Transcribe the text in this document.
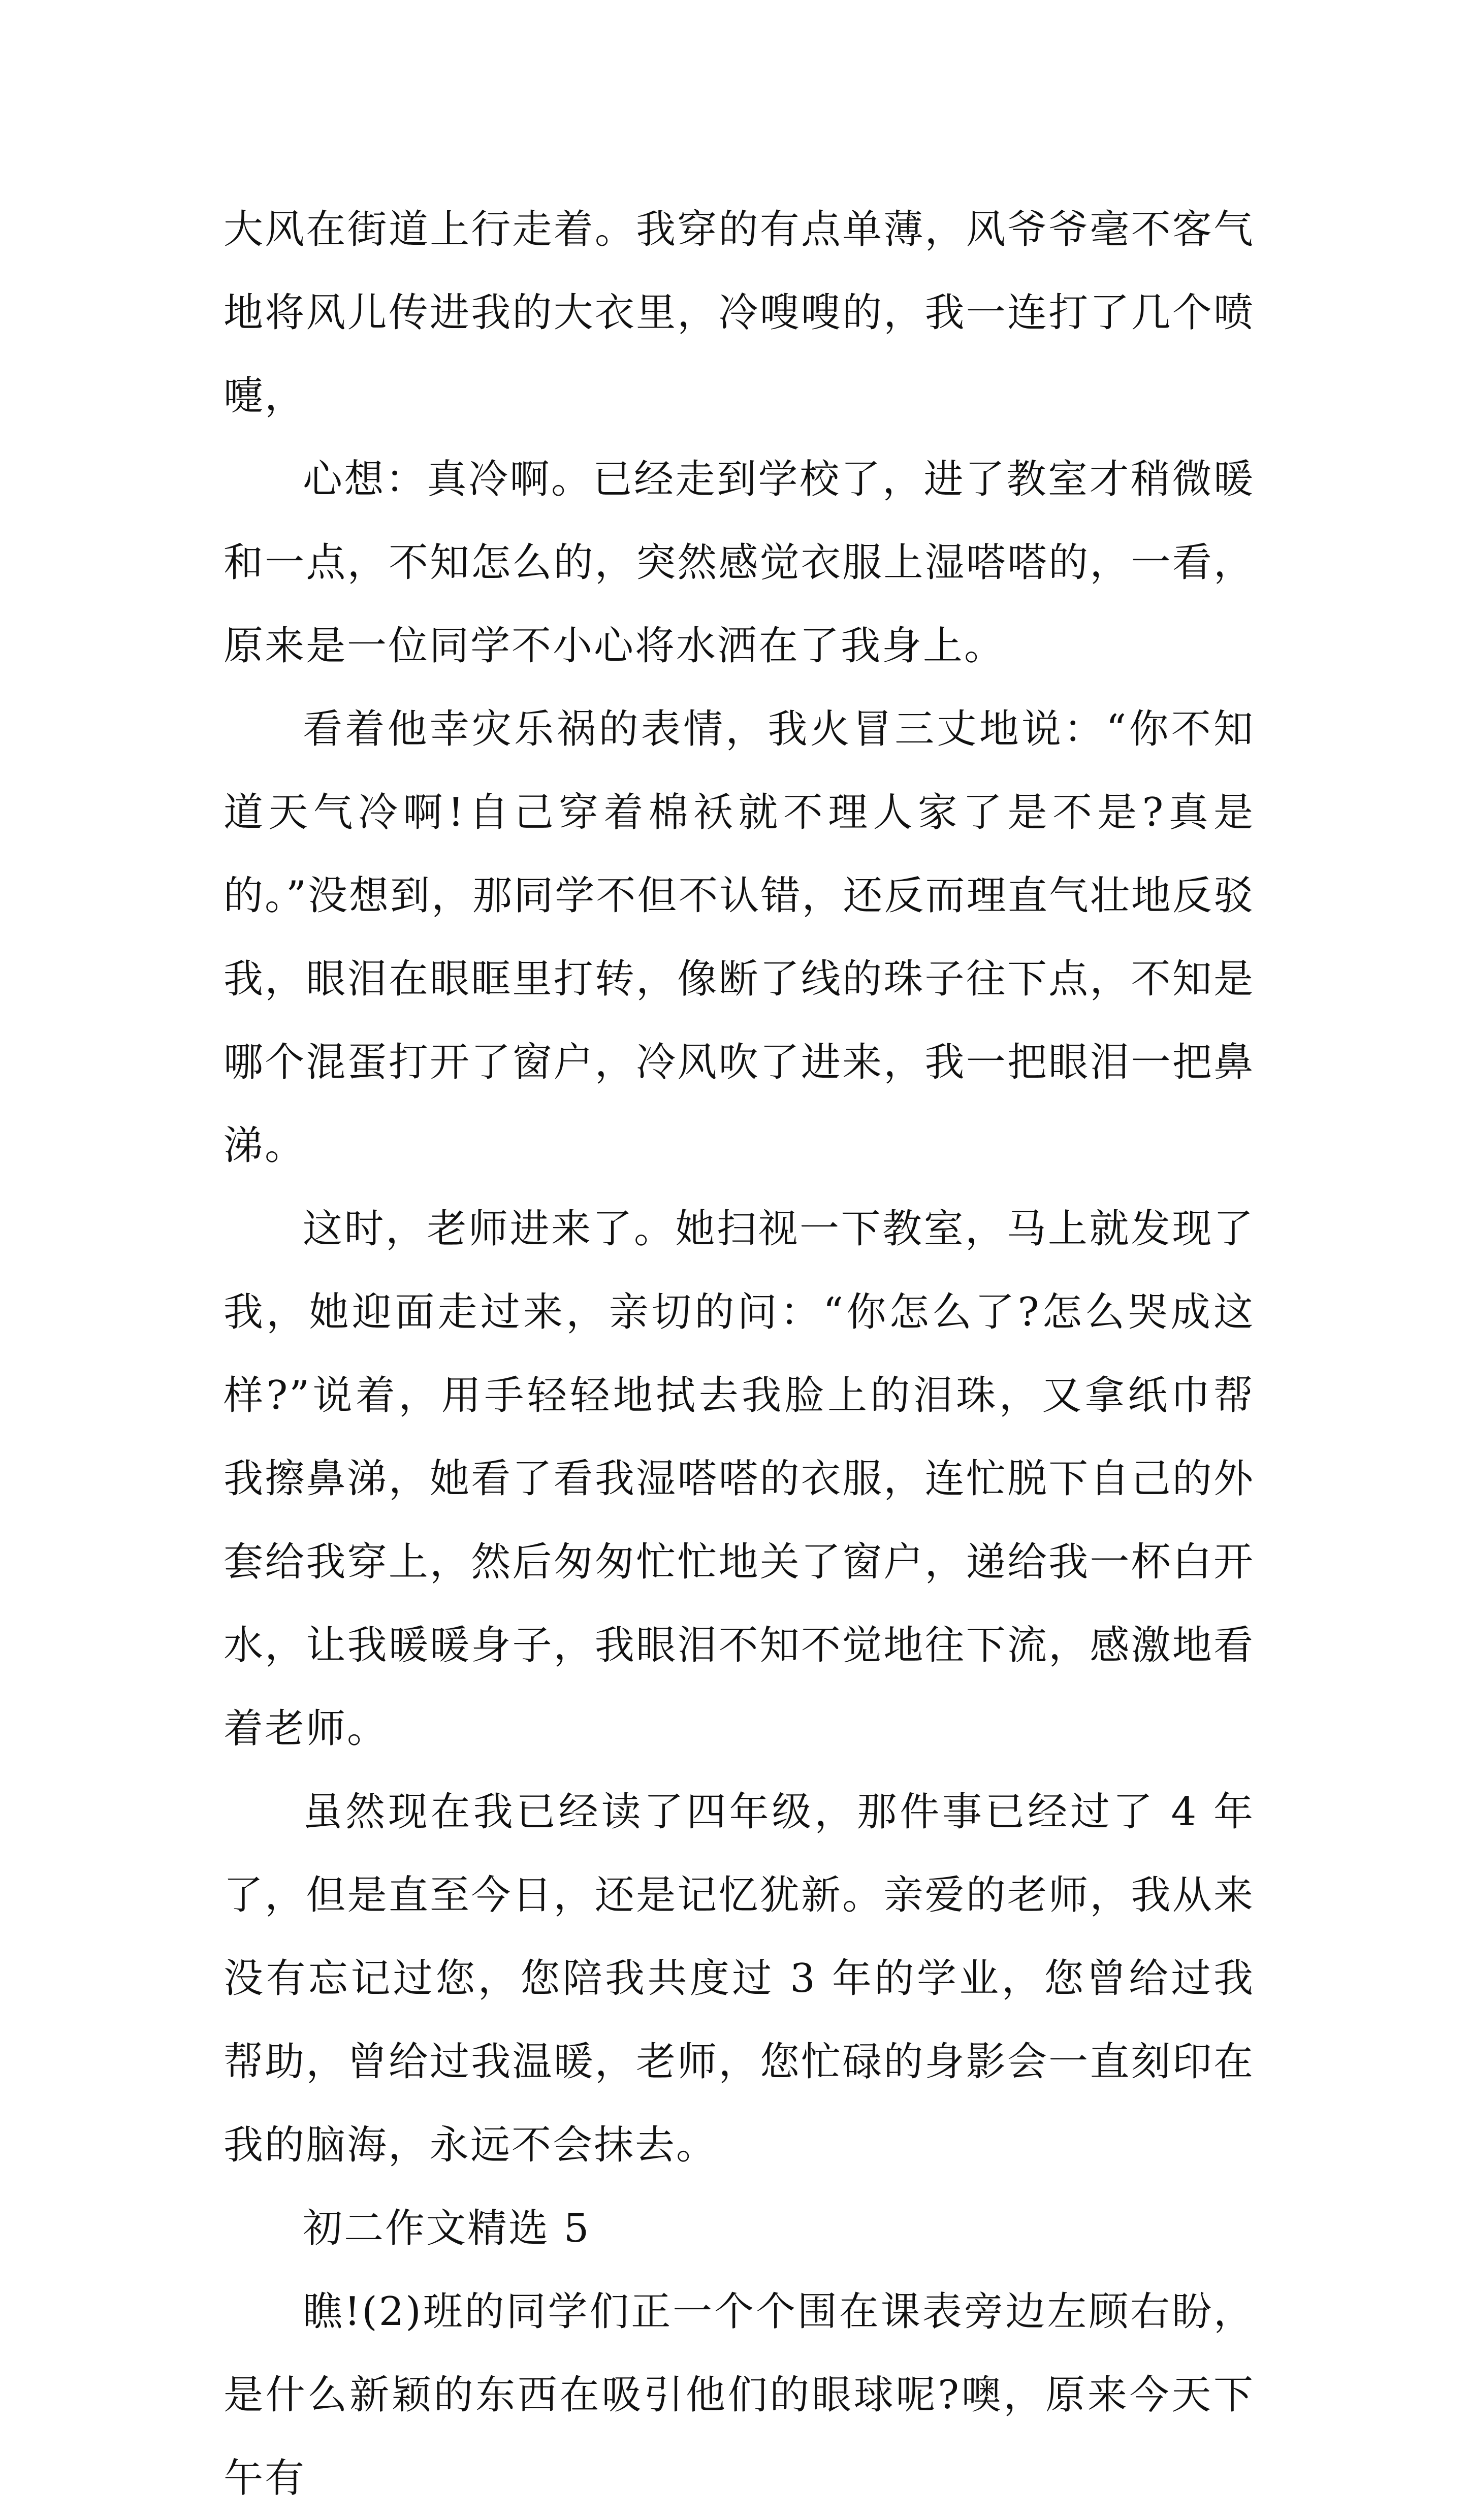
大风在街道上行走着。我穿的有点单薄，风爷爷毫不客气地将风儿传进我的大衣里，冷嗖嗖的，我一连打了几个喷嚏，

心想：真冷啊。已经走到学校了，进了教室才稍微暖和一点，不知怎么的，突然感觉衣服上湿嗒嗒的，一看，原来是一位同学不小心将水洒在了我身上。

看着他幸灾乐祸的表情，我火冒三丈地说：“你不知道天气冷啊!自己穿着棉袄就不理人家了是不是?真是的。”没想到，那同学不但不认错，还反而理直气壮地反驳我，眼泪在眼眶里打转，像断了线的珠子往下点，不知是哪个混蛋打开了窗户，冷风吹了进来，我一把眼泪一把鼻涕。

这时，老师进来了。她扫视一下教室，马上就发现了我，她迎面走过来，亲切的问：“你怎么了?怎么哭成这样?”说着，用手轻轻地拭去我脸上的泪珠，又拿纸巾帮我擦鼻涕，她看了看我湿嗒嗒的衣服，连忙脱下自己的外套给我穿上，然后匆匆忙忙地关了窗户，递给我一杯白开水，让我暖暖身子，我眼泪不知不觉地往下流，感激地看着老师。

虽然现在我已经读了四年级，那件事已经过了 4 年了，但是直至今日，还是记忆犹新。亲爱的老师，我从来没有忘记过您，您陪我共度过 3 年的学业，您曾给过我帮助，曾给过我温暖，老师，您忙碌的身影会一直刻印在我的脑海，永远不会抹去。

初二作文精选 5

瞧!(2)班的同学们正一个个围在课表旁边左顾右盼，是什么新颖的东西在吸引他们的眼球呢?噢，原来今天下午有
